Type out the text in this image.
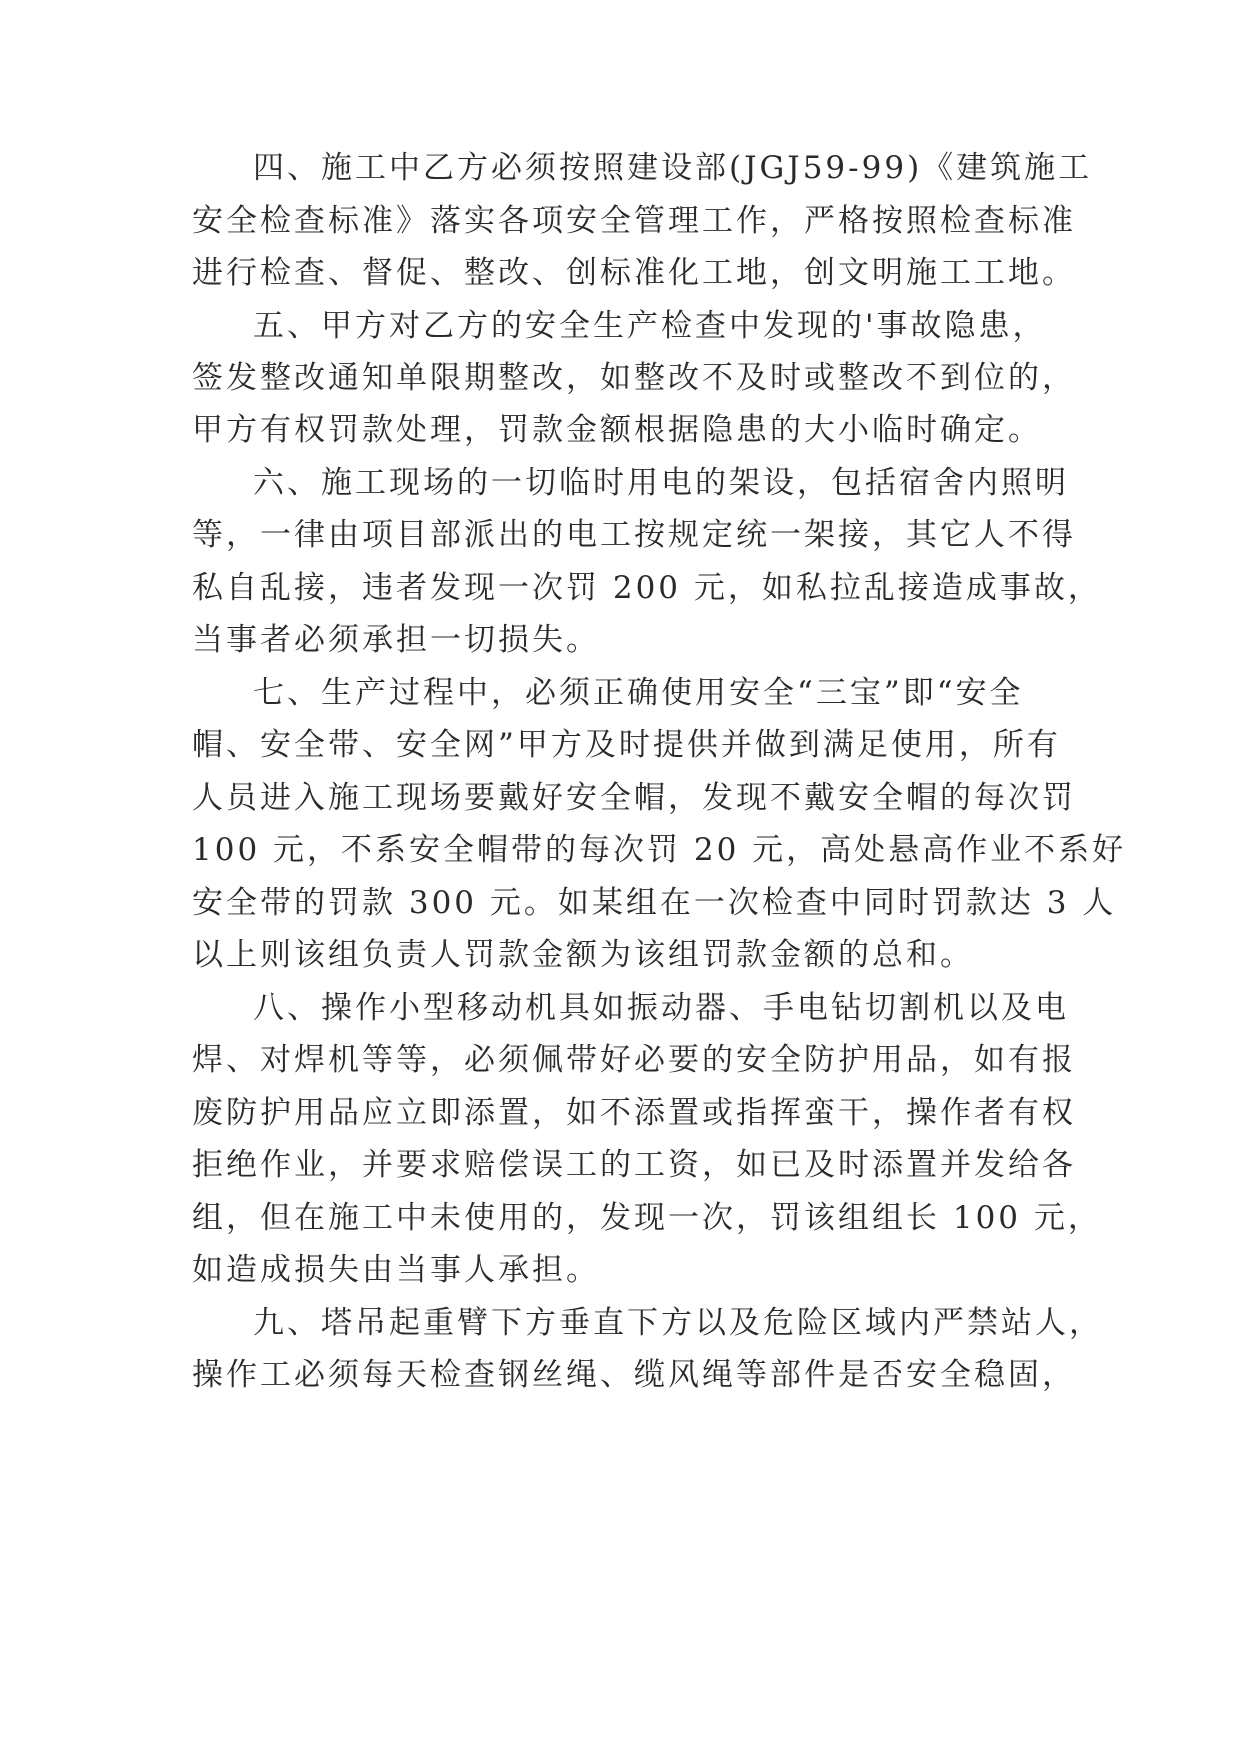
四、施工中乙方必须按照建设部(JGJ59-99)《建筑施工
安全检查标准》落实各项安全管理工作，严格按照检查标准
进行检查、督促、整改、创标准化工地，创文明施工工地。
五、甲方对乙方的安全生产检查中发现的'事故隐患，
签发整改通知单限期整改，如整改不及时或整改不到位的，
甲方有权罚款处理，罚款金额根据隐患的大小临时确定。
六、施工现场的一切临时用电的架设，包括宿舍内照明
等，一律由项目部派出的电工按规定统一架接，其它人不得
私自乱接，违者发现一次罚 200 元，如私拉乱接造成事故，
当事者必须承担一切损失。
七、生产过程中，必须正确使用安全“三宝”即“安全
帽、安全带、安全网”甲方及时提供并做到满足使用，所有
人员进入施工现场要戴好安全帽，发现不戴安全帽的每次罚
100 元，不系安全帽带的每次罚 20 元，高处悬高作业不系好
安全带的罚款 300 元。如某组在一次检查中同时罚款达 3 人
以上则该组负责人罚款金额为该组罚款金额的总和。
八、操作小型移动机具如振动器、手电钻切割机以及电
焊、对焊机等等，必须佩带好必要的安全防护用品，如有报
废防护用品应立即添置，如不添置或指挥蛮干，操作者有权
拒绝作业，并要求赔偿误工的工资，如已及时添置并发给各
组，但在施工中未使用的，发现一次，罚该组组长 100 元，
如造成损失由当事人承担。
九、塔吊起重臂下方垂直下方以及危险区域内严禁站人，
操作工必须每天检查钢丝绳、缆风绳等部件是否安全稳固，
